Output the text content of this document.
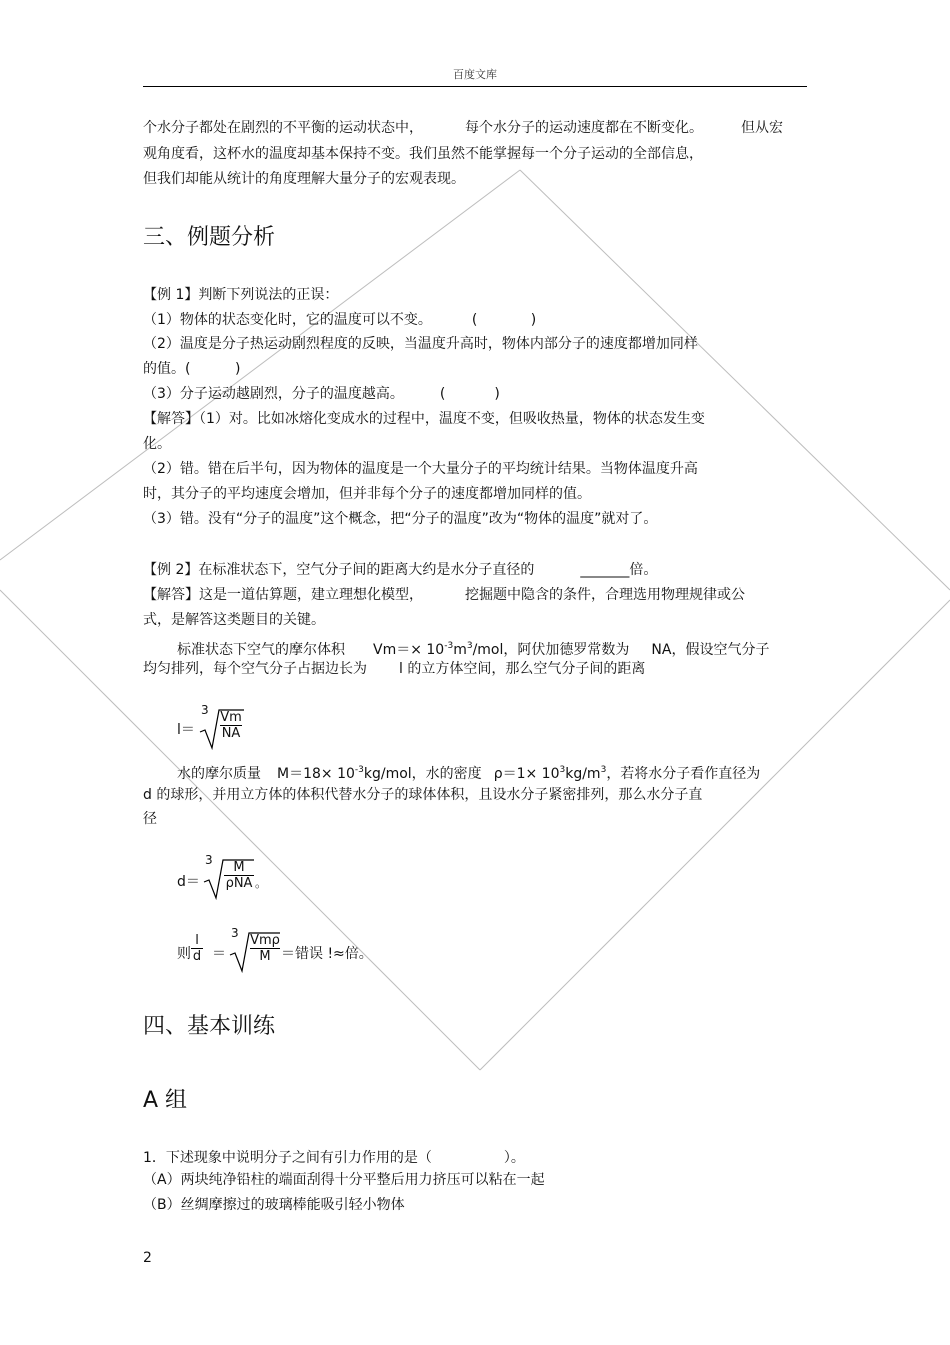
百度文库
个水分子都处在剧烈的不平衡的运动状态中，	每个水分子的运动速度都在不断变化。	但从宏
观角度看，这杯水的温度却基本保持不变。我们虽然不能掌握每一个分子运动的全部信息，
但我们却能从统计的角度理解大量分子的宏观表现。
三、例题分析
【例 1】判断下列说法的正误：
（1）物体的状态变化时，它的温度可以不变。	(            )
（2）温度是分子热运动剧烈程度的反映，当温度升高时，物体内部分子的速度都增加同样
的值。(          )
（3）分子运动越剧烈，分子的温度越高。	(           )
【解答】（1）对。比如冰熔化变成水的过程中，温度不变，但吸收热量，物体的状态发生变
化。
（2）错。错在后半句，因为物体的温度是一个大量分子的平均统计结果。当物体温度升高
时，其分子的平均速度会增加，但并非每个分子的速度都增加同样的值。
（3）错。没有“分子的温度”这个概念，把“分子的温度”改为“物体的温度”就对了。
【例 2】在标准状态下，空气分子间的距离大约是水分子直径的	_______倍。
【解答】这是一道估算题，建立理想化模型，	挖掘题中隐含的条件，合理选用物理规律或公
式，是解答这类题目的关键。
标准状态下空气的摩尔体积 $Vm=\times 10^{-3}m^3$/mol，阿伏加德罗常数为 NA，假设空气分子
均匀排列，每个空气分子占据边长为 l 的立方体空间，那么空气分子间的距离
l＝
3 Vm
NA
水的摩尔质量 $M=18\times 10^{-3}kg$/mol，水的密度 $\rho=1\times 10^3kg/m^3$，若将水分子看作直径为
d 的球形，并用立方体的体积代替水分子的球体体积，且设水分子紧密排列，那么水分子直
径
d＝
3	M
ρNA 。
则
l
d ＝
3 Vmρ
M ＝错误 !≈倍。
四、基本训练
A 组
1．下述现象中说明分子之间有引力作用的是（	）。
（A）两块纯净铅柱的端面刮得十分平整后用力挤压可以粘在一起
（B）丝绸摩擦过的玻璃棒能吸引轻小物体
2
